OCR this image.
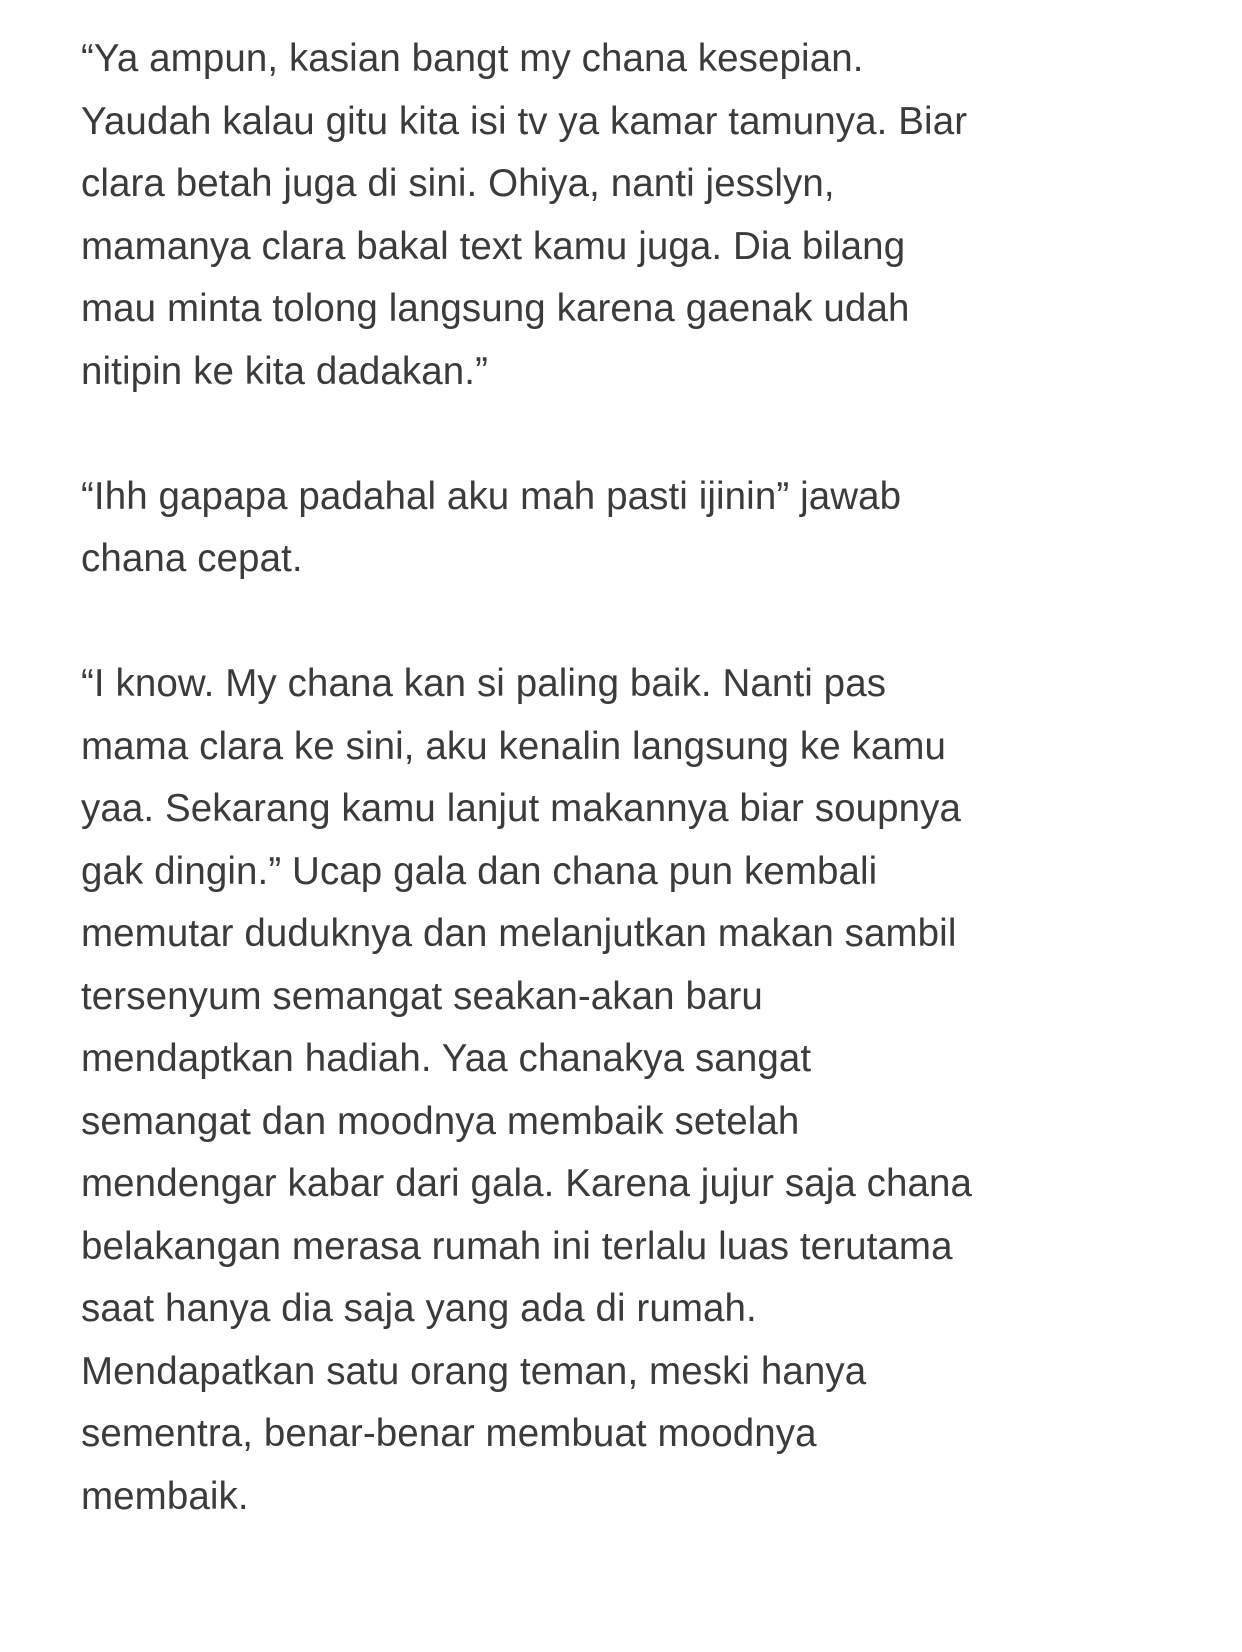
“Ya ampun, kasian bangt my chana kesepian.
Yaudah kalau gitu kita isi tv ya kamar tamunya. Biar
clara betah juga di sini. Ohiya, nanti jesslyn,
mamanya clara bakal text kamu juga. Dia bilang
mau minta tolong langsung karena gaenak udah
nitipin ke kita dadakan.”

“Ihh gapapa padahal aku mah pasti ijinin” jawab
chana cepat.

“I know. My chana kan si paling baik. Nanti pas
mama clara ke sini, aku kenalin langsung ke kamu
yaa. Sekarang kamu lanjut makannya biar soupnya
gak dingin.” Ucap gala dan chana pun kembali
memutar duduknya dan melanjutkan makan sambil
tersenyum semangat seakan-akan baru
mendaptkan hadiah. Yaa chanakya sangat
semangat dan moodnya membaik setelah
mendengar kabar dari gala. Karena jujur saja chana
belakangan merasa rumah ini terlalu luas terutama
saat hanya dia saja yang ada di rumah.
Mendapatkan satu orang teman, meski hanya
sementra, benar-benar membuat moodnya
membaik.
